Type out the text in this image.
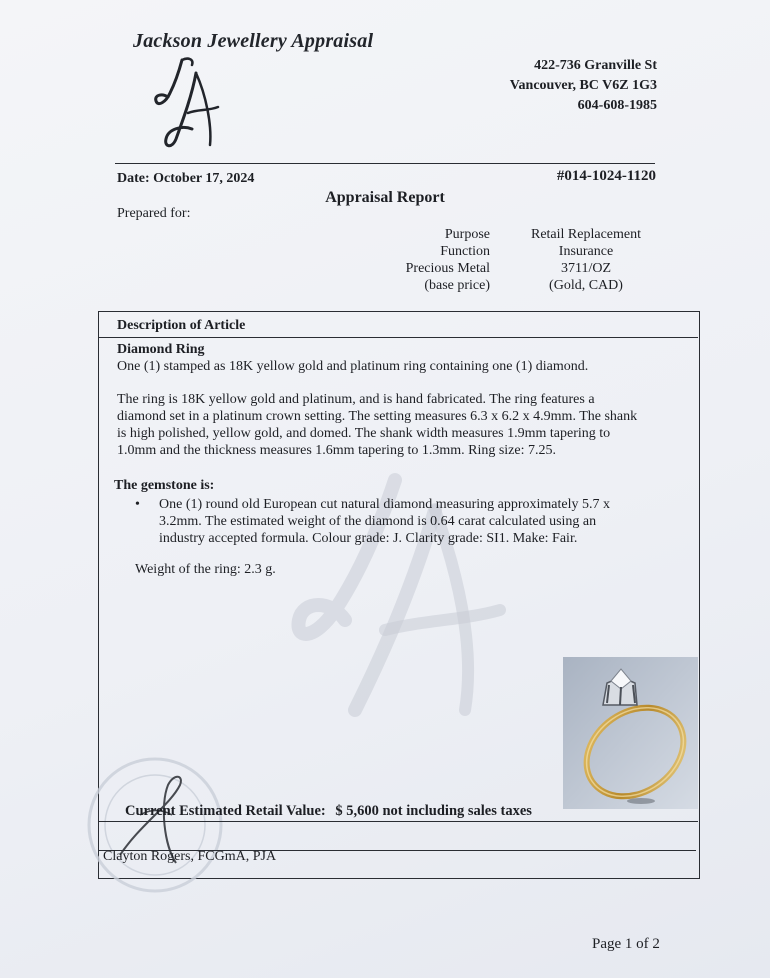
Jackson Jewellery Appraisal
422-736 Granville St
Vancouver, BC V6Z 1G3
604-608-1985
Date: October 17, 2024	#014-1024-1120
Appraisal Report
Prepared for:
Purpose
Function
Precious Metal
(base price)
Retail Replacement
Insurance
3711/OZ
(Gold, CAD)
Description of Article
Diamond Ring
One (1) stamped as 18K yellow gold and platinum ring containing one (1) diamond.
The ring is 18K yellow gold and platinum, and is hand fabricated. The ring features a
diamond set in a platinum crown setting. The setting measures 6.3 x 6.2 x 4.9mm. The shank
is high polished, yellow gold, and domed. The shank width measures 1.9mm tapering to
1.0mm and the thickness measures 1.6mm tapering to 1.3mm. Ring size: 7.25.
The gemstone is:
• One (1) round old European cut natural diamond measuring approximately 5.7 x
3.2mm. The estimated weight of the diamond is 0.64 carat calculated using an
industry accepted formula. Colour grade: J. Clarity grade: SI1. Make: Fair.
Weight of the ring: 2.3 g.
Current Estimated Retail Value: $ 5,600 not including sales taxes
Clayton Rogers, FCGmA, PJA
Page 1 of 2
